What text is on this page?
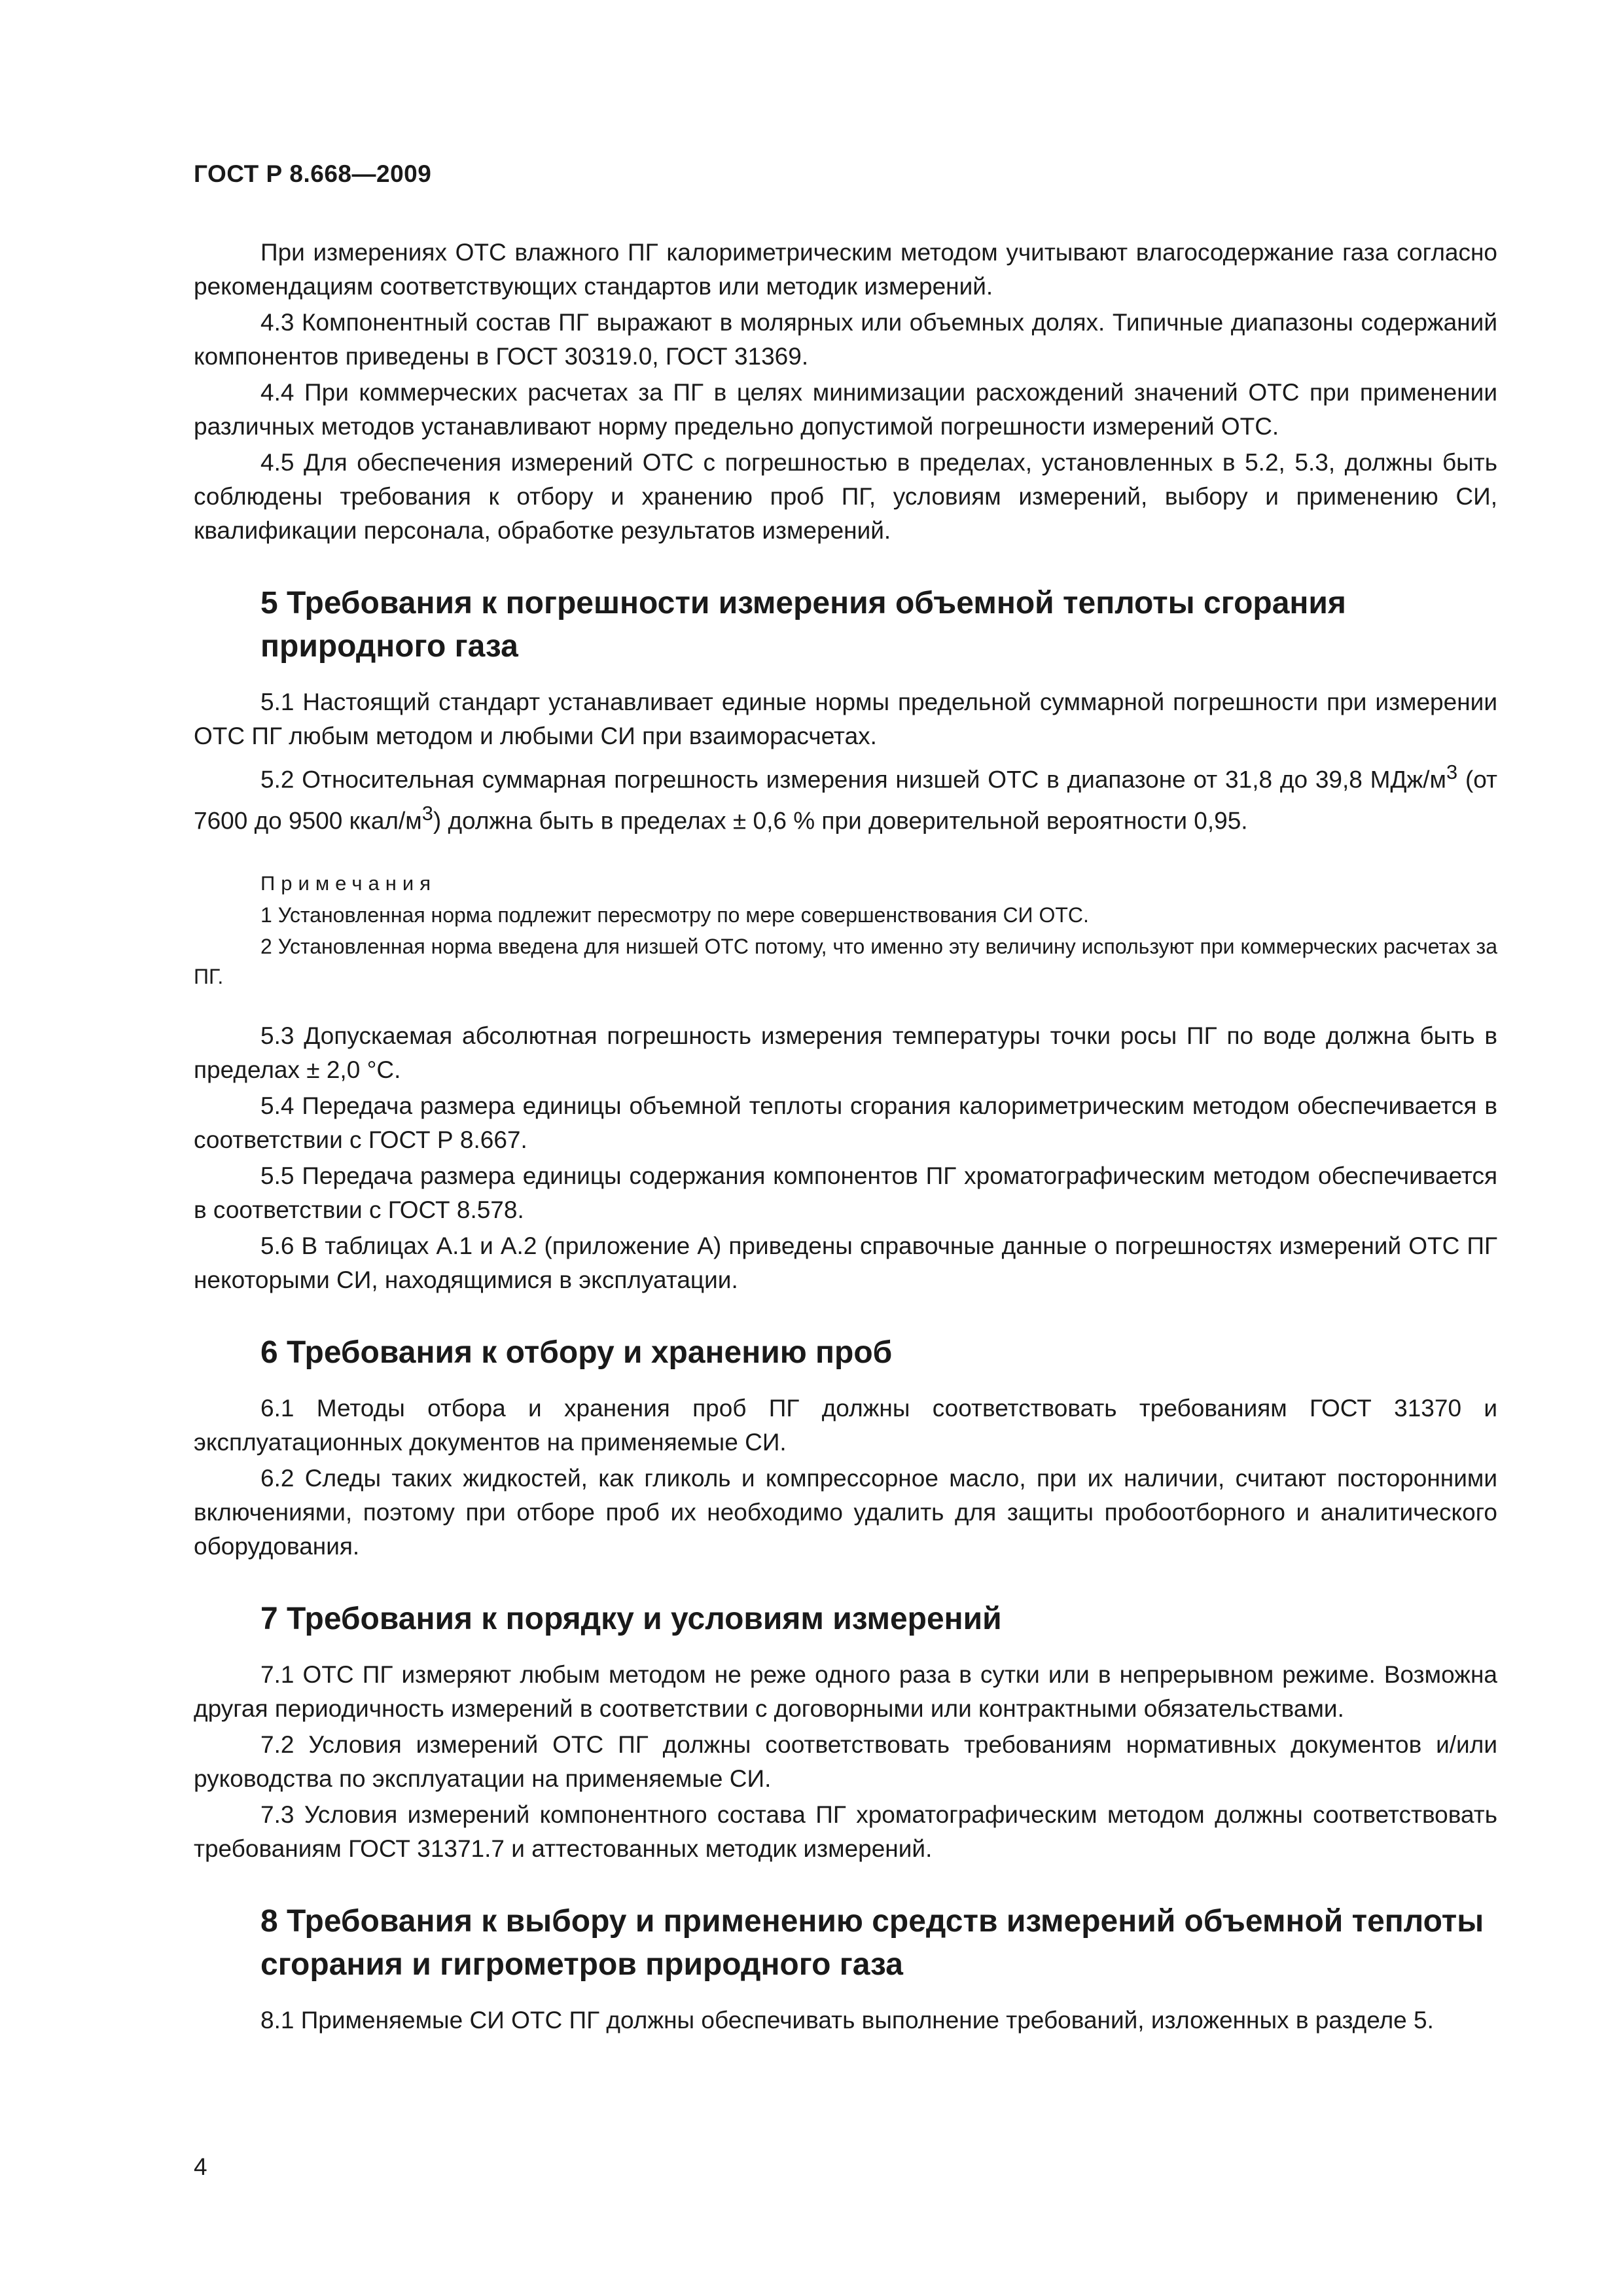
ГОСТ Р 8.668—2009

При измерениях ОТС влажного ПГ калориметрическим методом учитывают влагосодержание газа согласно рекомендациям соответствующих стандартов или методик измерений.

4.3 Компонентный состав ПГ выражают в молярных или объемных долях. Типичные диапазоны содержаний компонентов приведены в ГОСТ 30319.0, ГОСТ 31369.

4.4 При коммерческих расчетах за ПГ в целях минимизации расхождений значений ОТС при применении различных методов устанавливают норму предельно допустимой погрешности измерений ОТС.

4.5 Для обеспечения измерений ОТС с погрешностью в пределах, установленных в 5.2, 5.3, должны быть соблюдены требования к отбору и хранению проб ПГ, условиям измерений, выбору и применению СИ, квалификации персонала, обработке результатов измерений.

5 Требования к погрешности измерения объемной теплоты сгорания природного газа

5.1 Настоящий стандарт устанавливает единые нормы предельной суммарной погрешности при измерении ОТС ПГ любым методом и любыми СИ при взаиморасчетах.

5.2 Относительная суммарная погрешность измерения низшей ОТС в диапазоне от 31,8 до 39,8 МДж/$м^3$ (от 7600 до 9500 ккал/$м^3$) должна быть в пределах ± 0,6 % при доверительной вероятности 0,95.

Примечания

1 Установленная норма подлежит пересмотру по мере совершенствования СИ ОТС.

2 Установленная норма введена для низшей ОТС потому, что именно эту величину используют при коммерческих расчетах за ПГ.

5.3 Допускаемая абсолютная погрешность измерения температуры точки росы ПГ по воде должна быть в пределах ± 2,0 °С.

5.4 Передача размера единицы объемной теплоты сгорания калориметрическим методом обеспечивается в соответствии с ГОСТ Р 8.667.

5.5 Передача размера единицы содержания компонентов ПГ хроматографическим методом обеспечивается в соответствии с ГОСТ 8.578.

5.6 В таблицах А.1 и А.2 (приложение А) приведены справочные данные о погрешностях измерений ОТС ПГ некоторыми СИ, находящимися в эксплуатации.

6 Требования к отбору и хранению проб

6.1 Методы отбора и хранения проб ПГ должны соответствовать требованиям ГОСТ 31370 и эксплуатационных документов на применяемые СИ.

6.2 Следы таких жидкостей, как гликоль и компрессорное масло, при их наличии, считают посторонними включениями, поэтому при отборе проб их необходимо удалить для защиты пробоотборного и аналитического оборудования.

7 Требования к порядку и условиям измерений

7.1 ОТС ПГ измеряют любым методом не реже одного раза в сутки или в непрерывном режиме. Возможна другая периодичность измерений в соответствии с договорными или контрактными обязательствами.

7.2 Условия измерений ОТС ПГ должны соответствовать требованиям нормативных документов и/или руководства по эксплуатации на применяемые СИ.

7.3 Условия измерений компонентного состава ПГ хроматографическим методом должны соответствовать требованиям ГОСТ 31371.7 и аттестованных методик измерений.

8 Требования к выбору и применению средств измерений объемной теплоты сгорания и гигрометров природного газа

8.1 Применяемые СИ ОТС ПГ должны обеспечивать выполнение требований, изложенных в разделе 5.

4
